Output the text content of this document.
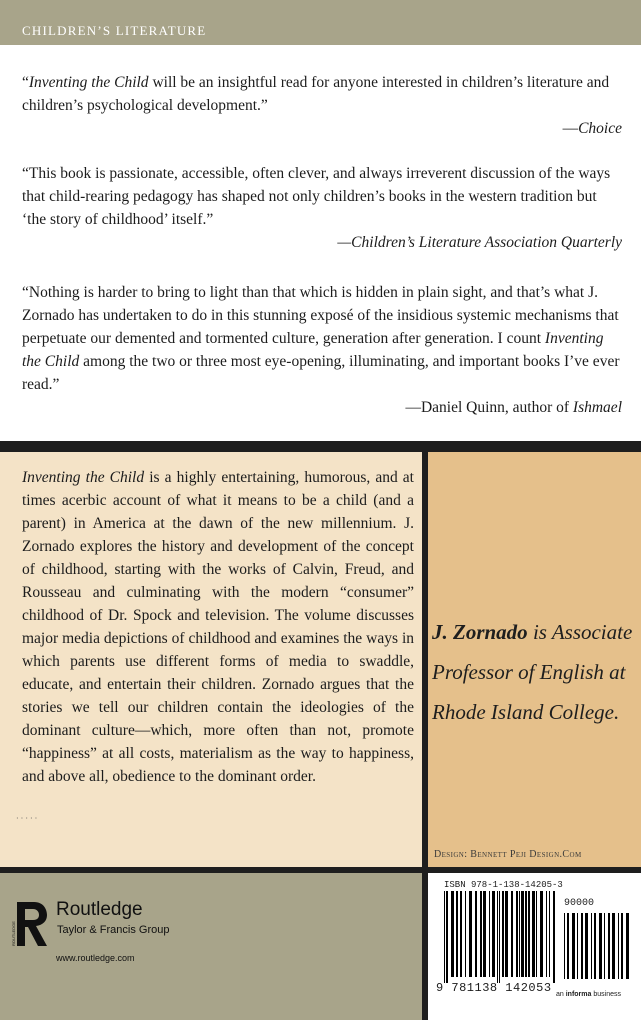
CHILDREN’S LITERATURE

“Inventing the Child will be an insightful read for anyone interested in children’s literature and children’s psychological development.”

—Choice

“This book is passionate, accessible, often clever, and always irreverent discussion of the ways that child-rearing pedagogy has shaped not only children’s books in the western tradition but ‘the story of childhood’ itself.”

—Children’s Literature Association Quarterly

“Nothing is harder to bring to light than that which is hidden in plain sight, and that’s what J. Zornado has undertaken to do in this stunning exposé of the insidious systemic mechanisms that perpetuate our demented and tormented culture, generation after generation. I count Inventing the Child among the two or three most eye-opening, illuminating, and important books I’ve ever read.”

—Daniel Quinn, author of Ishmael

Inventing the Child is a highly entertaining, humorous, and at times acerbic account of what it means to be a child (and a parent) in America at the dawn of the new millennium. J. Zornado explores the history and development of the concept of childhood, starting with the works of Calvin, Freud, and Rousseau and culminating with the modern “consumer” childhood of Dr. Spock and television. The volume discusses major media depictions of childhood and examines the ways in which parents use different forms of media to swaddle, educate, and entertain their children. Zornado argues that the stories we tell our children contain the ideologies of the dominant culture—which, more often than not, promote “happiness” at all costs, materialism as the way to happiness, and above all, obedience to the dominant order.

· · · · ·
J. Zornado is Associate Professor of English at Rhode Island College.
Design: Bennett Peji Design.Com
ROUTLEDGE
Routledge
Taylor & Francis Group
www.routledge.com
ISBN 978-1-138-14205-3
90000
9 781138 142053 an informa business
